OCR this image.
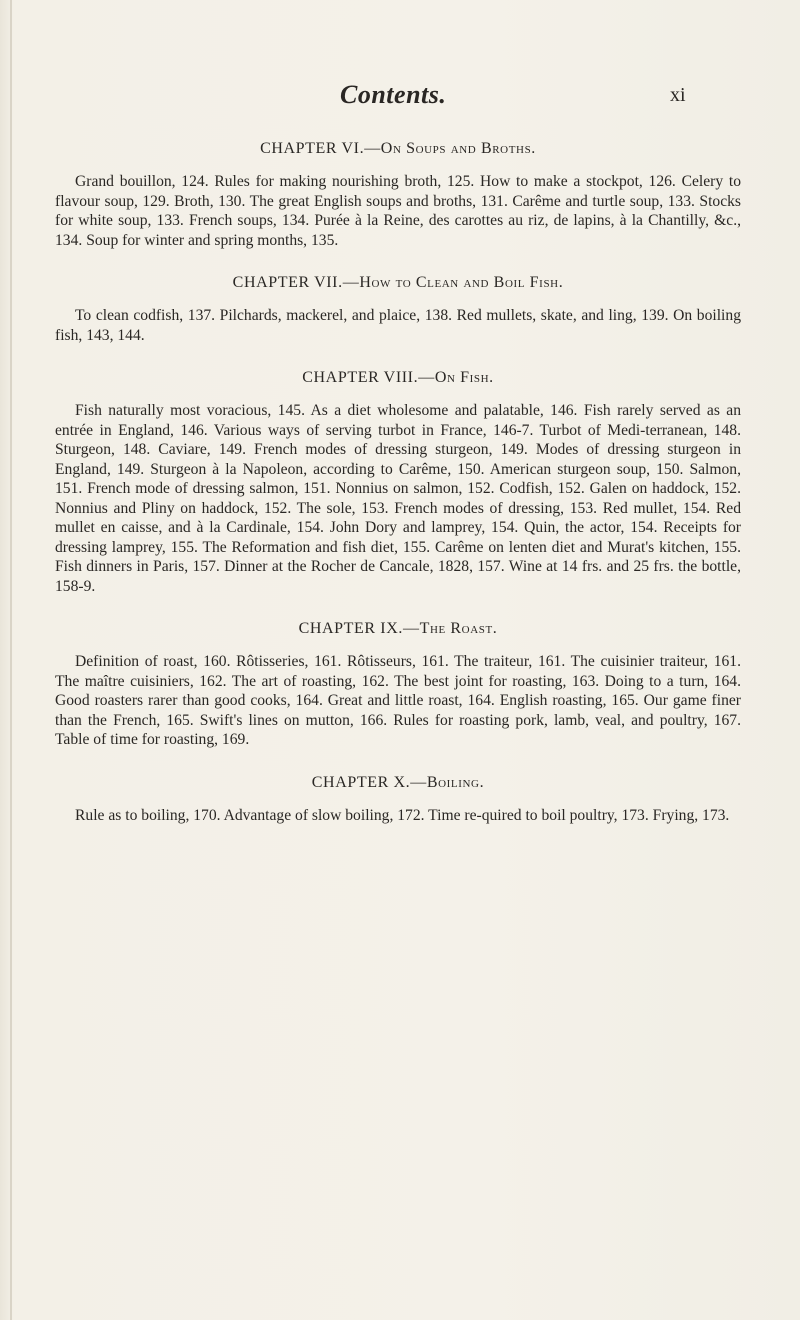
Contents.	xi
CHAPTER VI.—On Soups and Broths.

Grand bouillon, 124. Rules for making nourishing broth, 125. How to make a stockpot, 126. Celery to flavour soup, 129. Broth, 130. The great English soups and broths, 131. Carême and turtle soup, 133. Stocks for white soup, 133. French soups, 134. Purée à la Reine, des carottes au riz, de lapins, à la Chantilly, &c., 134. Soup for winter and spring months, 135.

CHAPTER VII.—How to Clean and Boil Fish.

To clean codfish, 137. Pilchards, mackerel, and plaice, 138. Red mullets, skate, and ling, 139. On boiling fish, 143, 144.

CHAPTER VIII.—On Fish.

Fish naturally most voracious, 145. As a diet wholesome and palatable, 146. Fish rarely served as an entrée in England, 146. Various ways of serving turbot in France, 146-7. Turbot of Medi-terranean, 148. Sturgeon, 148. Caviare, 149. French modes of dressing sturgeon, 149. Modes of dressing sturgeon in England, 149. Sturgeon à la Napoleon, according to Carême, 150. American sturgeon soup, 150. Salmon, 151. French mode of dressing salmon, 151. Nonnius on salmon, 152. Codfish, 152. Galen on haddock, 152. Nonnius and Pliny on haddock, 152. The sole, 153. French modes of dressing, 153. Red mullet, 154. Red mullet en caisse, and à la Cardinale, 154. John Dory and lamprey, 154. Quin, the actor, 154. Receipts for dressing lamprey, 155. The Reformation and fish diet, 155. Carême on lenten diet and Murat's kitchen, 155. Fish dinners in Paris, 157. Dinner at the Rocher de Cancale, 1828, 157. Wine at 14 frs. and 25 frs. the bottle, 158-9.

CHAPTER IX.—The Roast.

Definition of roast, 160. Rôtisseries, 161. Rôtisseurs, 161. The traiteur, 161. The cuisinier traiteur, 161. The maître cuisiniers, 162. The art of roasting, 162. The best joint for roasting, 163. Doing to a turn, 164. Good roasters rarer than good cooks, 164. Great and little roast, 164. English roasting, 165. Our game finer than the French, 165. Swift's lines on mutton, 166. Rules for roasting pork, lamb, veal, and poultry, 167. Table of time for roasting, 169.

CHAPTER X.—Boiling.

Rule as to boiling, 170. Advantage of slow boiling, 172. Time re-quired to boil poultry, 173. Frying, 173.
